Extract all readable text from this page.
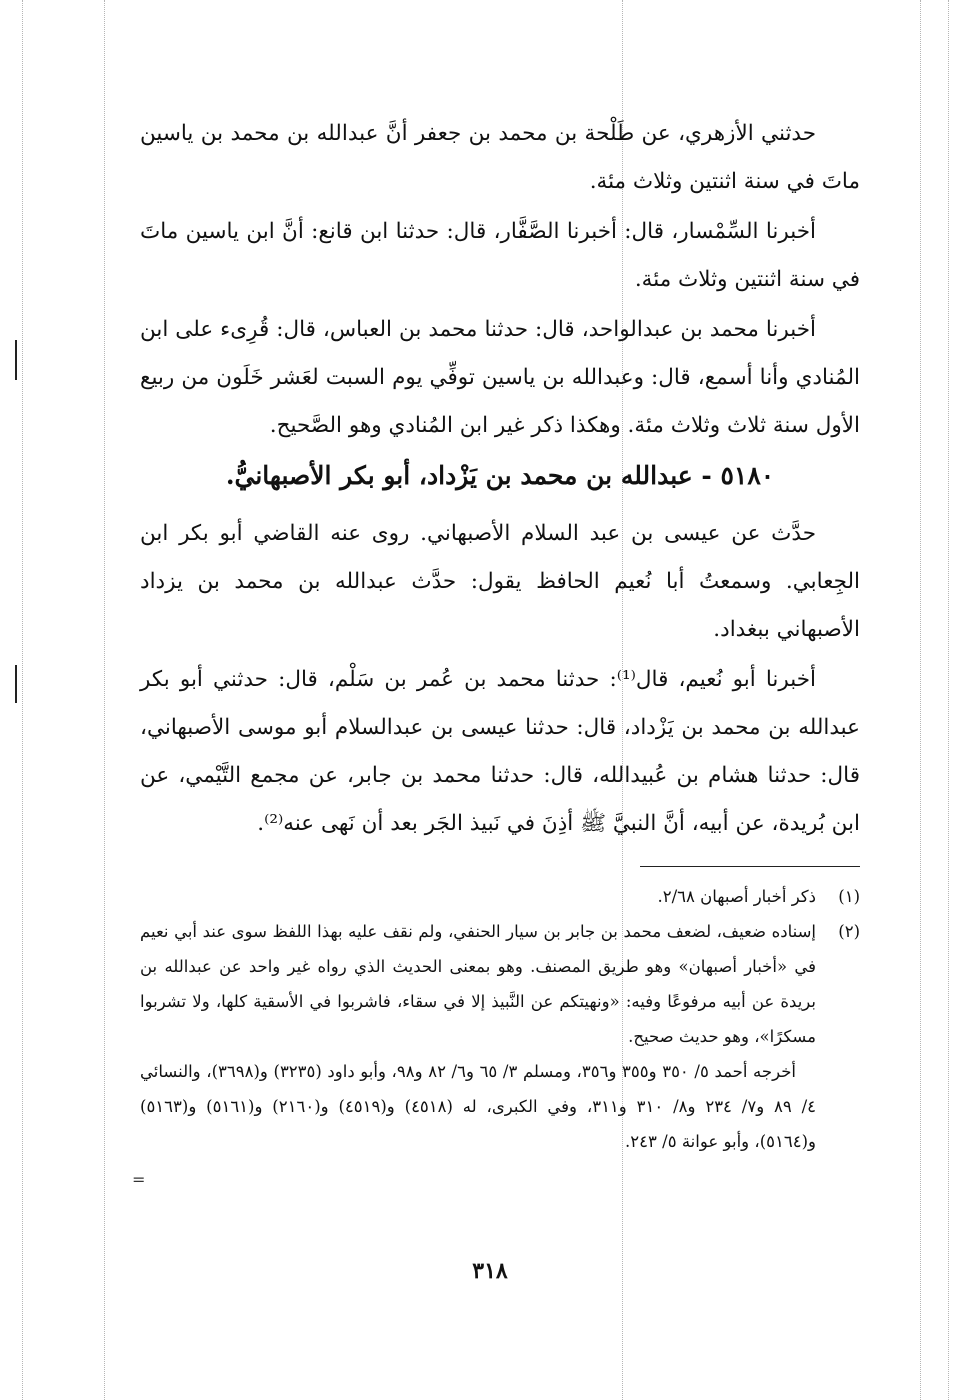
حدثني الأزهري، عن طَلْحة بن محمد بن جعفر أنَّ عبدالله بن محمد بن ياسين ماتَ في سنة اثنتين وثلاث مئة.

أخبرنا السِّمْسار، قال: أخبرنا الصَّفَّار، قال: حدثنا ابن قانع: أنَّ ابن ياسين ماتَ في سنة اثنتين وثلاث مئة.

أخبرنا محمد بن عبدالواحد، قال: حدثنا محمد بن العباس، قال: قُرِىء على ابن المُنادي وأنا أسمع، قال: وعبدالله بن ياسين توفِّي يوم السبت لعَشر خَلَون من ربيع الأول سنة ثلاث وثلاث مئة. وهكذا ذكر غير ابن المُنادي وهو الصَّحيح.

٥١٨٠ - عبدالله بن محمد بن يَزْداد، أبو بكر الأصبهانيُّ.

حدَّث عن عيسى بن عبد السلام الأصبهاني. روى عنه القاضي أبو بكر ابن الجِعابي. وسمعتُ أبا نُعيم الحافظ يقول: حدَّث عبدالله بن محمد بن يزداد الأصبهاني ببغداد.

أخبرنا أبو نُعيم، قال⁽¹⁾: حدثنا محمد بن عُمر بن سَلْم، قال: حدثني أبو بكر عبدالله بن محمد بن يَزْداد، قال: حدثنا عيسى بن عبدالسلام أبو موسى الأصبهاني، قال: حدثنا هشام بن عُبيدالله، قال: حدثنا محمد بن جابر، عن مجمع التَّيْمي، عن ابن بُريدة، عن أبيه، أنَّ النبيَّ ﷺ أذِنَ في نَبيذ الجَر بعد أن نَهى عنه⁽²⁾.

(١)
ذكر أخبار أصبهان ٢/٦٨.
(٢)
إسناده ضعيف، لضعف محمد بن جابر بن سيار الحنفي، ولم نقف عليه بهذا اللفظ سوى عند أبي نعيم في «أخبار أصبهان» وهو طريق المصنف. وهو بمعنى الحديث الذي رواه غير واحد عن عبدالله بن بريدة عن أبيه مرفوعًا وفيه: «ونهيتكم عن النَّبيذ إلا في سقاء، فاشربوا في الأسقية كلها، ولا تشربوا مسكرًا»، وهو حديث صحيح.

أخرجه أحمد ٥/ ٣٥٠ و٣٥٥ و٣٥٦، ومسلم ٣/ ٦٥ و٦/ ٨٢ و٩٨، وأبو داود (٣٢٣٥) و(٣٦٩٨)، والنسائي ٤/ ٨٩ و٧/ ٢٣٤ و٨/ ٣١٠ و٣١١، وفي الكبرى، له (٤٥١٨) و(٤٥١٩) و(٢١٦٠) و(٥١٦١) و(٥١٦٣) و(٥١٦٤)، وأبو عوانة ٥/ ٢٤٣.

=
٣١٨
